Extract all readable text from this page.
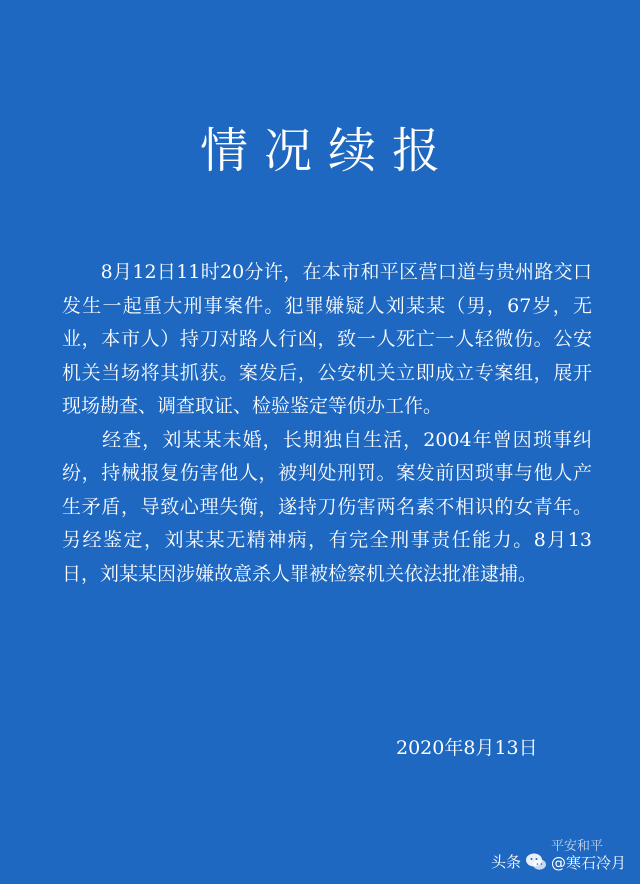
情况续报

　　8月12日11时20分许，在本市和平区营口道与贵州路交口发生一起重大刑事案件。犯罪嫌疑人刘某某（男，67岁，无业，本市人）持刀对路人行凶，致一人死亡一人轻微伤。公安机关当场将其抓获。案发后，公安机关立即成立专案组，展开现场勘查、调查取证、检验鉴定等侦办工作。

　　经查，刘某某未婚，长期独自生活，2004年曾因琐事纠纷，持械报复伤害他人，被判处刑罚。案发前因琐事与他人产生矛盾，导致心理失衡，遂持刀伤害两名素不相识的女青年。另经鉴定，刘某某无精神病，有完全刑事责任能力。8月13日，刘某某因涉嫌故意杀人罪被检察机关依法批准逮捕。

2020年8月13日
头条
平安和平
@寒石冷月
